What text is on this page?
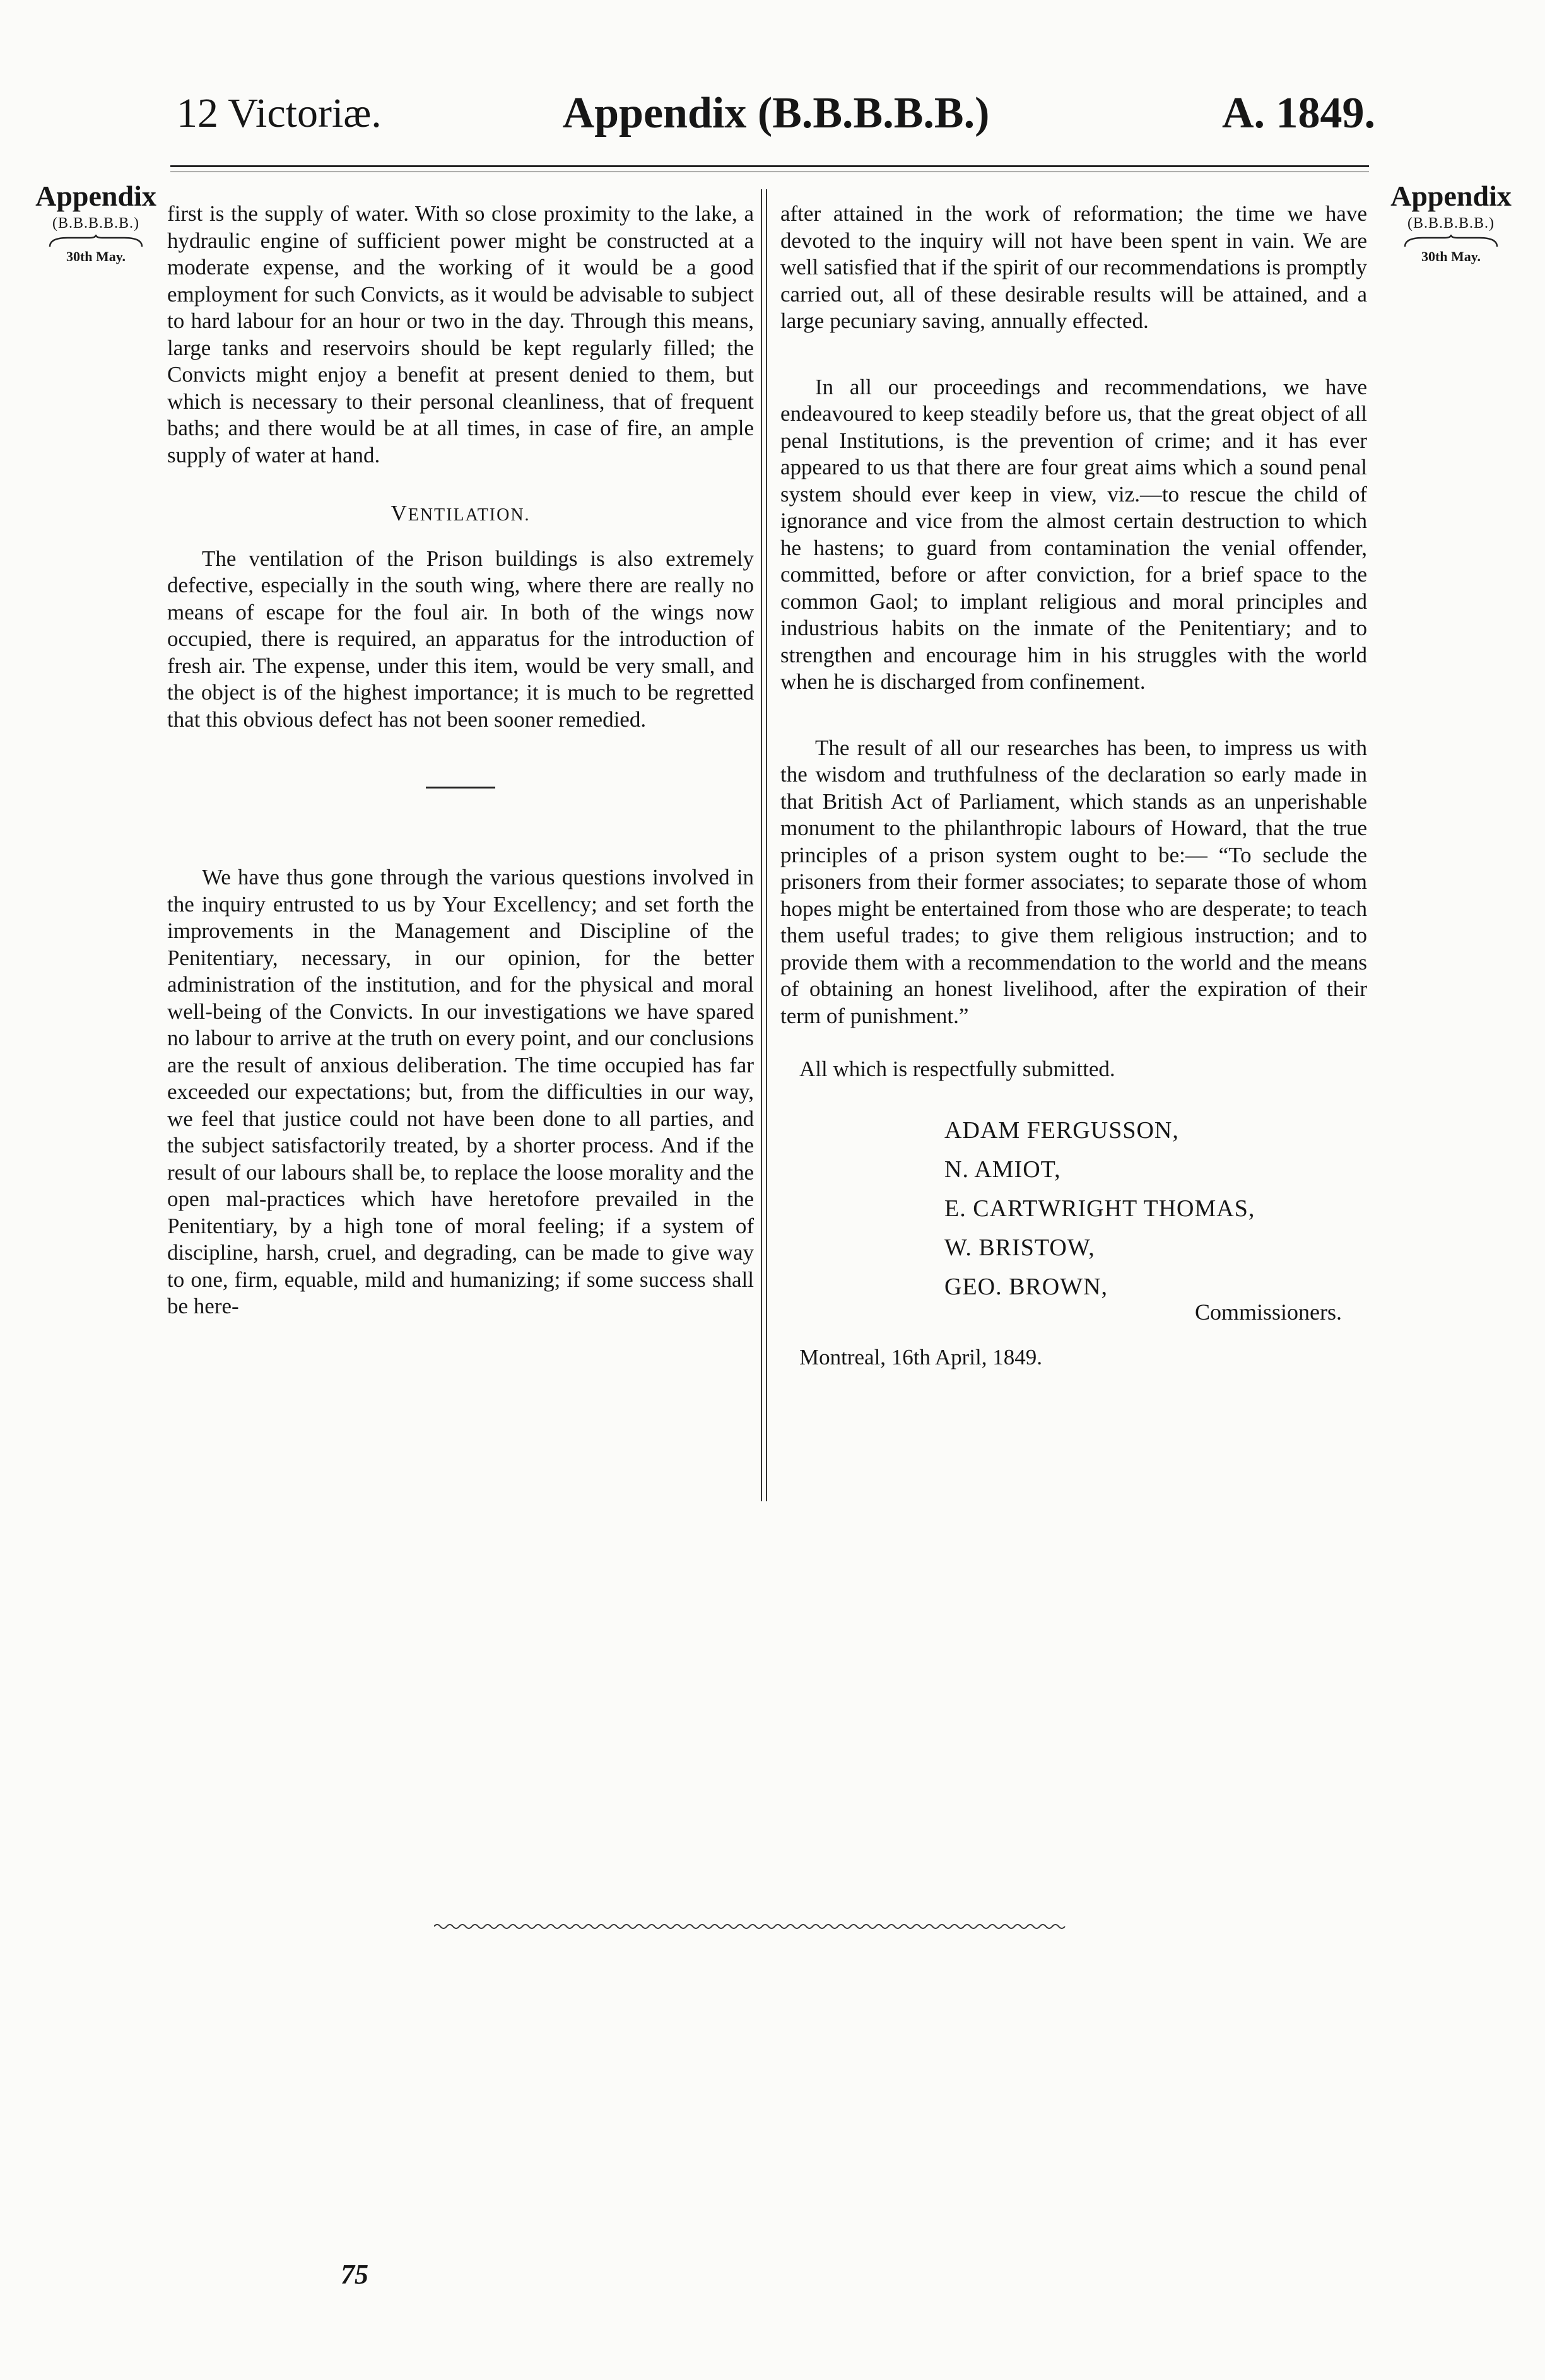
12 Victoriæ.	Appendix (B.B.B.B.B.)	A. 1849.
Appendix
(B.B.B.B.B.)
30th May.
Appendix
(B.B.B.B.B.)
30th May.

first is the supply of water. With so close proximity to the lake, a hydraulic engine of sufficient power might be constructed at a moderate expense, and the working of it would be a good employment for such Convicts, as it would be advisable to subject to hard labour for an hour or two in the day. Through this means, large tanks and reservoirs should be kept regularly filled; the Convicts might enjoy a benefit at present denied to them, but which is necessary to their personal cleanliness, that of frequent baths; and there would be at all times, in case of fire, an ample supply of water at hand.

VENTILATION.

The ventilation of the Prison buildings is also extremely defective, especially in the south wing, where there are really no means of escape for the foul air. In both of the wings now occupied, there is required, an apparatus for the introduction of fresh air. The expense, under this item, would be very small, and the object is of the highest importance; it is much to be regretted that this obvious defect has not been sooner remedied.

We have thus gone through the various questions involved in the inquiry entrusted to us by Your Excellency; and set forth the improvements in the Management and Discipline of the Penitentiary, necessary, in our opinion, for the better administration of the institution, and for the physical and moral well-being of the Convicts. In our investigations we have spared no labour to arrive at the truth on every point, and our conclusions are the result of anxious deliberation. The time occupied has far exceeded our expectations; but, from the difficulties in our way, we feel that justice could not have been done to all parties, and the subject satisfactorily treated, by a shorter process. And if the result of our labours shall be, to replace the loose morality and the open mal-practices which have heretofore prevailed in the Penitentiary, by a high tone of moral feeling; if a system of discipline, harsh, cruel, and degrading, can be made to give way to one, firm, equable, mild and humanizing; if some success shall be here-

after attained in the work of reformation; the time we have devoted to the inquiry will not have been spent in vain. We are well satisfied that if the spirit of our recommendations is promptly carried out, all of these desirable results will be attained, and a large pecuniary saving, annually effected.

In all our proceedings and recommendations, we have endeavoured to keep steadily before us, that the great object of all penal Institutions, is the prevention of crime; and it has ever appeared to us that there are four great aims which a sound penal system should ever keep in view, viz.—to rescue the child of ignorance and vice from the almost certain destruction to which he hastens; to guard from contamination the venial offender, committed, before or after conviction, for a brief space to the common Gaol; to implant religious and moral principles and industrious habits on the inmate of the Penitentiary; and to strengthen and encourage him in his struggles with the world when he is discharged from confinement.

The result of all our researches has been, to impress us with the wisdom and truthfulness of the declaration so early made in that British Act of Parliament, which stands as an unperishable monument to the philanthropic labours of Howard, that the true principles of a prison system ought to be:— “To seclude the prisoners from their former associates; to separate those of whom hopes might be entertained from those who are desperate; to teach them useful trades; to give them religious instruction; and to provide them with a recommendation to the world and the means of obtaining an honest livelihood, after the expiration of their term of punishment.”

All which is respectfully submitted.

ADAM FERGUSSON,
N. AMIOT,
E. CARTWRIGHT THOMAS,
W. BRISTOW,
GEO. BROWN,
Commissioners.

Montreal, 16th April, 1849.

75
